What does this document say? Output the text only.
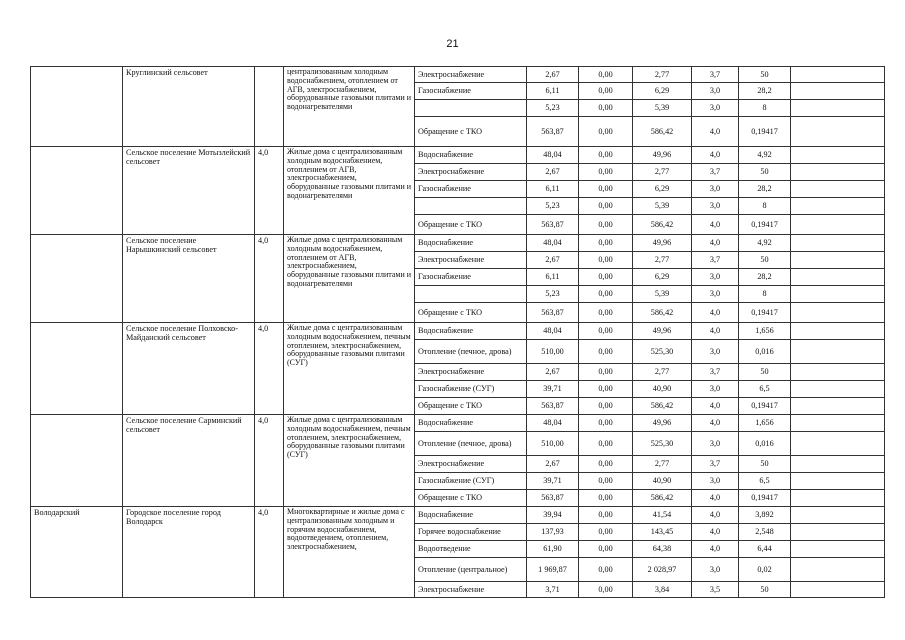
21
	Круглинский сельсовет		централизованным холодным водоснабжением, отоплением от АГВ, электроснабжением, оборудованные газовыми плитами и водонагревателями	Электроснабжение	2,67	0,00	2,77	3,7	50	
				Газоснабжение	6,11	0,00	6,29	3,0	28,2	
					5,23	0,00	5,39	3,0	8	
				Обращение с ТКО	563,87	0,00	586,42	4,0	0,19417	
	Сельское поселение Мотызлейский сельсовет	4,0	Жилые дома с централизованным холодным водоснабжением, отоплением от АГВ, электроснабжением, оборудованные газовыми плитами и водонагревателями	Водоснабжение	48,04	0,00	49,96	4,0	4,92	
				Электроснабжение	2,67	0,00	2,77	3,7	50	
				Газоснабжение	6,11	0,00	6,29	3,0	28,2	
					5,23	0,00	5,39	3,0	8	
				Обращение с ТКО	563,87	0,00	586,42	4,0	0,19417	
	Сельское поселение Нарышкинский сельсовет	4,0	Жилые дома с централизованным холодным водоснабжением, отоплением от АГВ, электроснабжением, оборудованные газовыми плитами и водонагревателями	Водоснабжение	48,04	0,00	49,96	4,0	4,92	
				Электроснабжение	2,67	0,00	2,77	3,7	50	
				Газоснабжение	6,11	0,00	6,29	3,0	28,2	
					5,23	0,00	5,39	3,0	8	
				Обращение с ТКО	563,87	0,00	586,42	4,0	0,19417	
	Сельское поселение Полховско-Майданский сельсовет	4,0	Жилые дома с централизованным холодным водоснабжением, печным отоплением, электроснабжением, оборудованные газовыми плитами (СУГ)	Водоснабжение	48,04	0,00	49,96	4,0	1,656	
				Отопление (печное, дрова)	510,00	0,00	525,30	3,0	0,016	
				Электроснабжение	2,67	0,00	2,77	3,7	50	
				Газоснабжение (СУГ)	39,71	0,00	40,90	3,0	6,5	
				Обращение с ТКО	563,87	0,00	586,42	4,0	0,19417	
	Сельское поселение Сарминский сельсовет	4,0	Жилые дома с централизованным холодным водоснабжением, печным отоплением, электроснабжением, оборудованные газовыми плитами (СУГ)	Водоснабжение	48,04	0,00	49,96	4,0	1,656	
				Отопление (печное, дрова)	510,00	0,00	525,30	3,0	0,016	
				Электроснабжение	2,67	0,00	2,77	3,7	50	
				Газоснабжение (СУГ)	39,71	0,00	40,90	3,0	6,5	
				Обращение с ТКО	563,87	0,00	586,42	4,0	0,19417	
Володарский	Городское поселение город Володарск	4,0	Многоквартирные и жилые дома с централизованным холодным и горячим водоснабжением, водоотведением, отоплением, электроснабжением,	Водоснабжение	39,94	0,00	41,54	4,0	3,892	
				Горячее водоснабжение	137,93	0,00	143,45	4,0	2,548	
				Водоотведение	61,90	0,00	64,38	4,0	6,44	
				Отопление (центральное)	1 969,87	0,00	2 028,97	3,0	0,02	
				Электроснабжение	3,71	0,00	3,84	3,5	50	
